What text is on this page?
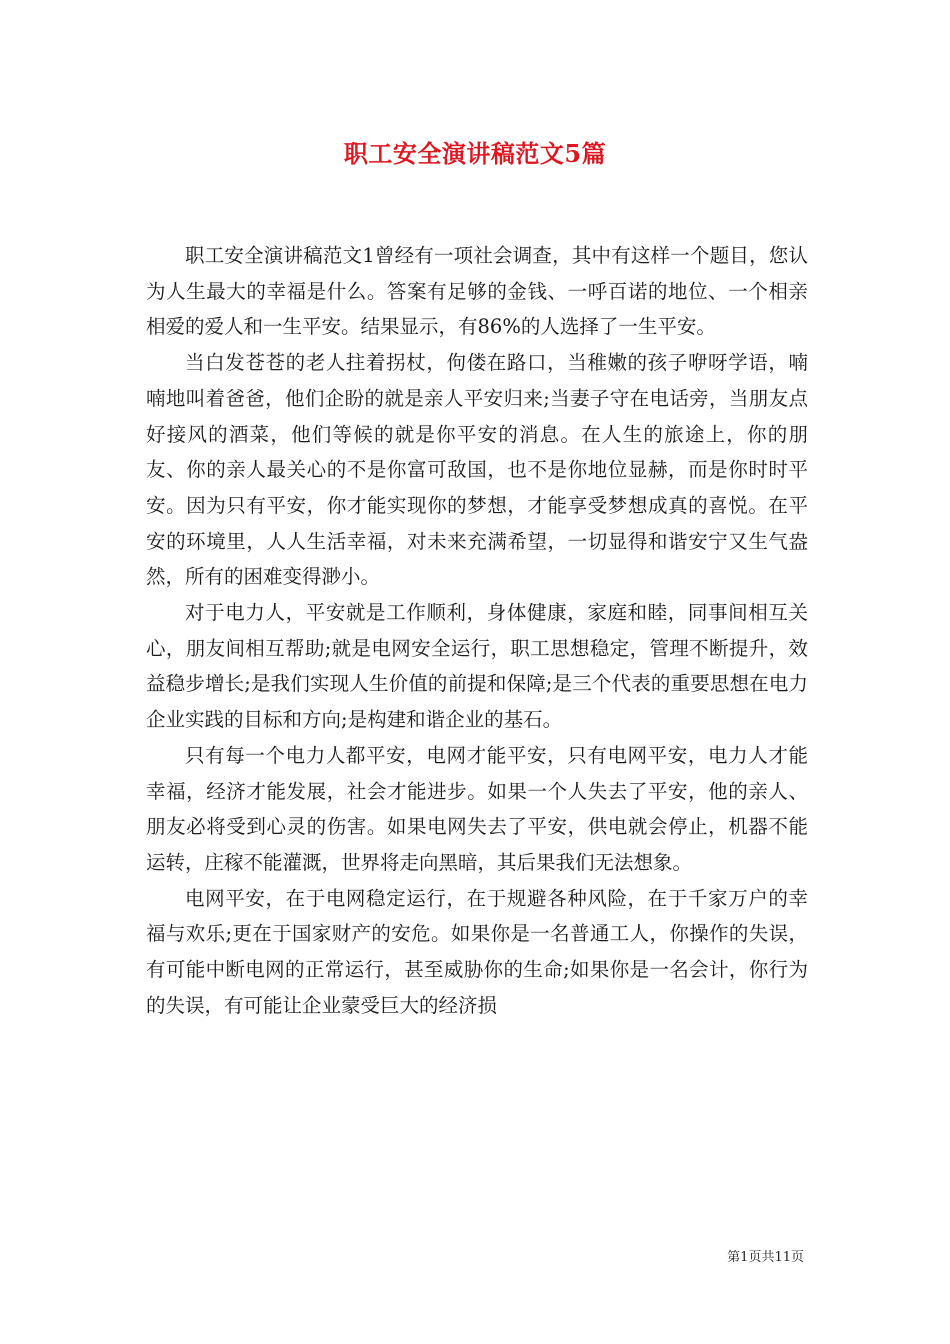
职工安全演讲稿范文5篇

职工安全演讲稿范文1曾经有一项社会调查，其中有这样一个题目，您认为人生最大的幸福是什么。答案有足够的金钱、一呼百诺的地位、一个相亲相爱的爱人和一生平安。结果显示，有86%的人选择了一生平安。

当白发苍苍的老人拄着拐杖，佝偻在路口，当稚嫩的孩子咿呀学语，喃喃地叫着爸爸，他们企盼的就是亲人平安归来;当妻子守在电话旁，当朋友点好接风的酒菜，他们等候的就是你平安的消息。在人生的旅途上，你的朋友、你的亲人最关心的不是你富可敌国，也不是你地位显赫，而是你时时平安。因为只有平安，你才能实现你的梦想，才能享受梦想成真的喜悦。在平安的环境里，人人生活幸福，对未来充满希望，一切显得和谐安宁又生气盎然，所有的困难变得渺小。

对于电力人，平安就是工作顺利，身体健康，家庭和睦，同事间相互关心，朋友间相互帮助;就是电网安全运行，职工思想稳定，管理不断提升，效益稳步增长;是我们实现人生价值的前提和保障;是三个代表的重要思想在电力企业实践的目标和方向;是构建和谐企业的基石。

只有每一个电力人都平安，电网才能平安，只有电网平安，电力人才能幸福，经济才能发展，社会才能进步。如果一个人失去了平安，他的亲人、朋友必将受到心灵的伤害。如果电网失去了平安，供电就会停止，机器不能运转，庄稼不能灌溉，世界将走向黑暗，其后果我们无法想象。

电网平安，在于电网稳定运行，在于规避各种风险，在于千家万户的幸福与欢乐;更在于国家财产的安危。如果你是一名普通工人，你操作的失误，有可能中断电网的正常运行，甚至威胁你的生命;如果你是一名会计，你行为的失误，有可能让企业蒙受巨大的经济损

第1页共11页
